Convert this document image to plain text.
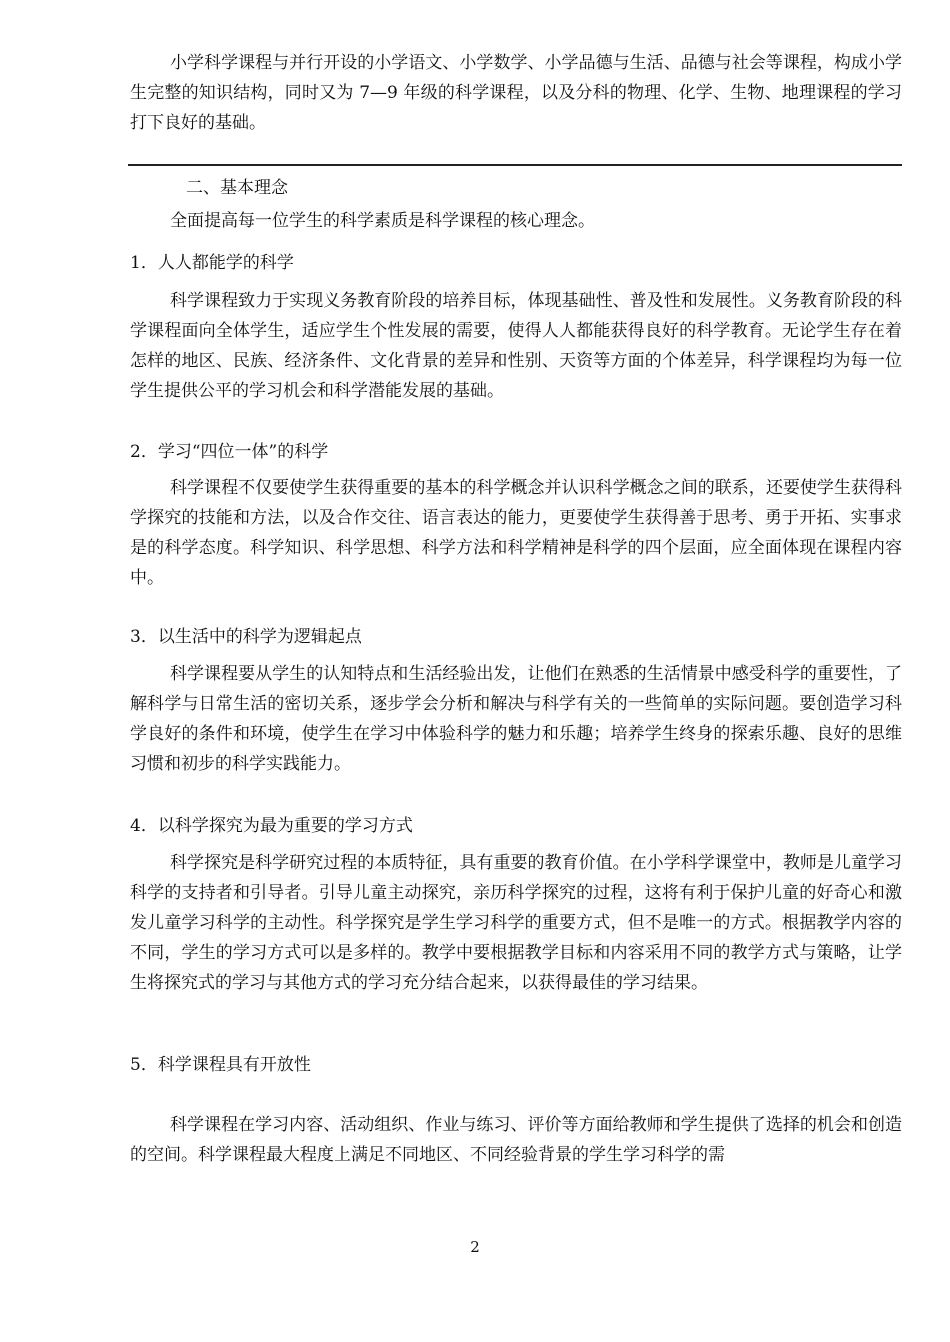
小学科学课程与并行开设的小学语文、小学数学、小学品德与生活、品德与社会等课程，构成小学生完整的知识结构，同时又为 7—9 年级的科学课程，以及分科的物理、化学、生物、地理课程的学习打下良好的基础。

二、基本理念

全面提高每一位学生的科学素质是科学课程的核心理念。

1．人人都能学的科学

科学课程致力于实现义务教育阶段的培养目标，体现基础性、普及性和发展性。义务教育阶段的科学课程面向全体学生，适应学生个性发展的需要，使得人人都能获得良好的科学教育。无论学生存在着怎样的地区、民族、经济条件、文化背景的差异和性别、天资等方面的个体差异，科学课程均为每一位学生提供公平的学习机会和科学潜能发展的基础。

2．学习“四位一体”的科学

科学课程不仅要使学生获得重要的基本的科学概念并认识科学概念之间的联系，还要使学生获得科学探究的技能和方法，以及合作交往、语言表达的能力，更要使学生获得善于思考、勇于开拓、实事求是的科学态度。科学知识、科学思想、科学方法和科学精神是科学的四个层面，应全面体现在课程内容中。

3．以生活中的科学为逻辑起点

科学课程要从学生的认知特点和生活经验出发，让他们在熟悉的生活情景中感受科学的重要性，了解科学与日常生活的密切关系，逐步学会分析和解决与科学有关的一些简单的实际问题。要创造学习科学良好的条件和环境，使学生在学习中体验科学的魅力和乐趣；培养学生终身的探索乐趣、良好的思维习惯和初步的科学实践能力。

4．以科学探究为最为重要的学习方式

科学探究是科学研究过程的本质特征，具有重要的教育价值。在小学科学课堂中，教师是儿童学习科学的支持者和引导者。引导儿童主动探究，亲历科学探究的过程，这将有利于保护儿童的好奇心和激发儿童学习科学的主动性。科学探究是学生学习科学的重要方式，但不是唯一的方式。根据教学内容的不同，学生的学习方式可以是多样的。教学中要根据教学目标和内容采用不同的教学方式与策略，让学生将探究式的学习与其他方式的学习充分结合起来，以获得最佳的学习结果。

5．科学课程具有开放性

科学课程在学习内容、活动组织、作业与练习、评价等方面给教师和学生提供了选择的机会和创造的空间。科学课程最大程度上满足不同地区、不同经验背景的学生学习科学的需

2
